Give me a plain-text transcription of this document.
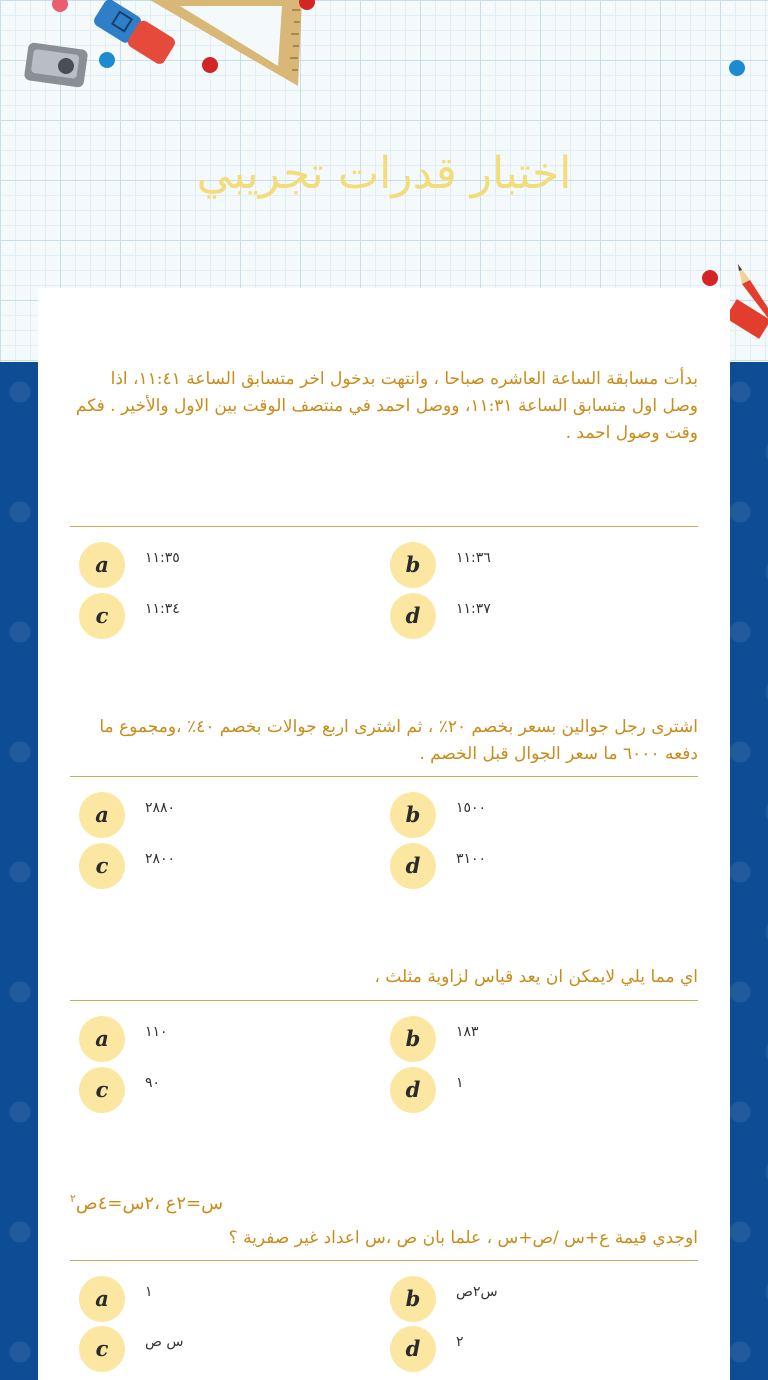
اختبار قدرات تجريبي

بدأت مسابقة الساعة العاشره صباحا ، وانتهت بدخول اخر متسابق الساعة ١١:٤١، اذا وصل اول متسابق الساعة ١١:٣١، ووصل احمد في منتصف الوقت بين الاول والأخير . فكم وقت وصول احمد .

a	١١:٣٥	b	١١:٣٦
c	١١:٣٤	d	١١:٣٧

اشترى رجل جوالين بسعر بخصم ٢٠٪ ، ثم اشترى اربع جوالات بخصم ٤٠٪ ،ومجموع ما دفعه ٦٠٠٠ ما سعر الجوال قبل الخصم .

a	٢٨٨٠	b	١٥٠٠
c	٢٨٠٠	d	٣١٠٠

اي مما يلي لايمكن ان يعد قياس لزاوية مثلث ،

a	١١٠	b	١٨٣
c	٩٠	d	١
س=٢ع ،٢س=٤ص$^٢$

اوجدي قيمة ع+س /ص+س ، علما بان ص ،س اعداد غير صفرية ؟

a	١	b	س٢ص
c	س ص	d	٢
